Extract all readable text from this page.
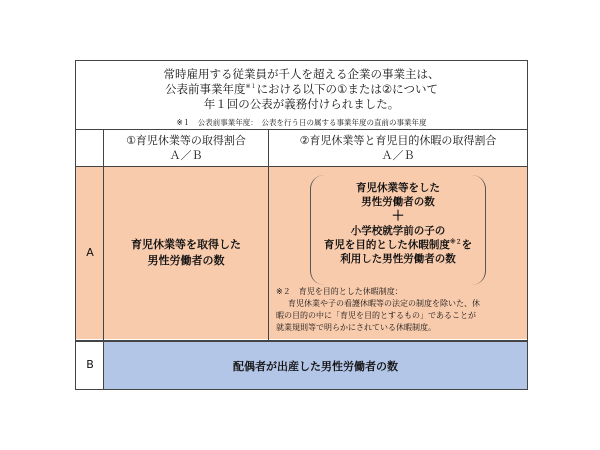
常時雇用する従業員が千人を超える企業の事業主は、
公表前事業年度$^{※1}$における以下の①または②について
年１回の公表が義務付けられました。
※１　公表前事業年度：　公表を行う日の属する事業年度の直前の事業年度
①育児休業等の取得割合
Ａ／Ｂ
②育児休業等と育児目的休暇の取得割合
Ａ／Ｂ
A
育児休業等を取得した
男性労働者の数
育児休業等をした
男性労働者の数
＋
小学校就学前の子の
育児を目的とした休暇制度$^{※2}$を
利用した男性労働者の数
※２　育児を目的とした休暇制度：
育児休業や子の看護休暇等の法定の制度を除いた、休
暇の目的の中に「育児を目的とするもの」であることが
就業規則等で明らかにされている休暇制度。
B	配偶者が出産した男性労働者の数
